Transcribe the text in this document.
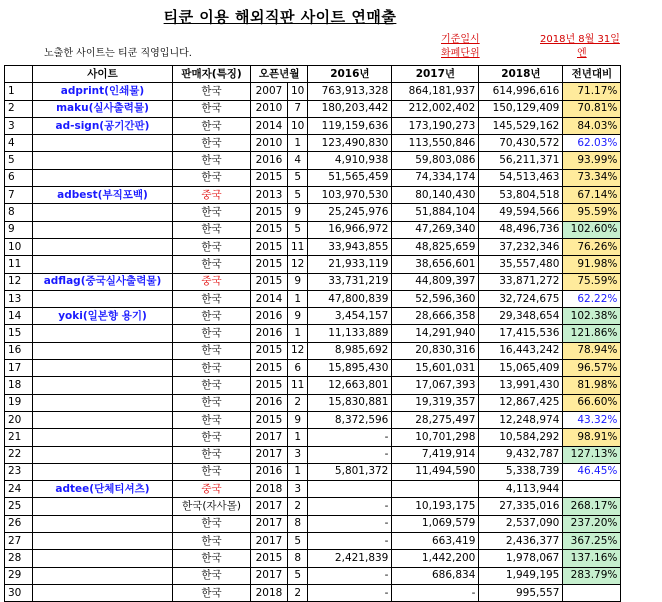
티쿤 이용 해외직판 사이트 연매출
노출한 사이트는 티쿤 직영입니다.
기준일시
화폐단위
2018년 8월 31일
엔
	사이트	판매자(특징)	오픈년월		2016년	2017년	2018년	전년대비
1	adprint(인쇄물)	한국	2007	10	763,913,328	864,181,937	614,996,616	71.17%
2	maku(실사출력물)	한국	2010	7	180,203,442	212,002,402	150,129,409	70.81%
3	ad-sign(공기간판)	한국	2014	10	119,159,636	173,190,273	145,529,162	84.03%
4		한국	2010	1	123,490,830	113,550,846	70,430,572	62.03%
5		한국	2016	4	4,910,938	59,803,086	56,211,371	93.99%
6		한국	2015	5	51,565,459	74,334,174	54,513,463	73.34%
7	adbest(부직포백)	중국	2013	5	103,970,530	80,140,430	53,804,518	67.14%
8		한국	2015	9	25,245,976	51,884,104	49,594,566	95.59%
9		한국	2015	5	16,966,972	47,269,340	48,496,736	102.60%
10		한국	2015	11	33,943,855	48,825,659	37,232,346	76.26%
11		한국	2015	12	21,933,119	38,656,601	35,557,480	91.98%
12	adflag(중국실사출력물)	중국	2015	9	33,731,219	44,809,397	33,871,272	75.59%
13		한국	2014	1	47,800,839	52,596,360	32,724,675	62.22%
14	yoki(일본향 용기)	한국	2016	9	3,454,157	28,666,358	29,348,654	102.38%
15		한국	2016	1	11,133,889	14,291,940	17,415,536	121.86%
16		한국	2015	12	8,985,692	20,830,316	16,443,242	78.94%
17		한국	2015	6	15,895,430	15,601,031	15,065,409	96.57%
18		한국	2015	11	12,663,801	17,067,393	13,991,430	81.98%
19		한국	2016	2	15,830,881	19,319,357	12,867,425	66.60%
20		한국	2015	9	8,372,596	28,275,497	12,248,974	43.32%
21		한국	2017	1	-	10,701,298	10,584,292	98.91%
22		한국	2017	3	-	7,419,914	9,432,787	127.13%
23		한국	2016	1	5,801,372	11,494,590	5,338,739	46.45%
24	adtee(단체티셔츠)	중국	2018	3			4,113,944	
25		한국(자사몰)	2017	2	-	10,193,175	27,335,016	268.17%
26		한국	2017	8	-	1,069,579	2,537,090	237.20%
27		한국	2017	5	-	663,419	2,436,377	367.25%
28		한국	2015	8	2,421,839	1,442,200	1,978,067	137.16%
29		한국	2017	5	-	686,834	1,949,195	283.79%
30		한국	2018	2	-	-	995,557	
